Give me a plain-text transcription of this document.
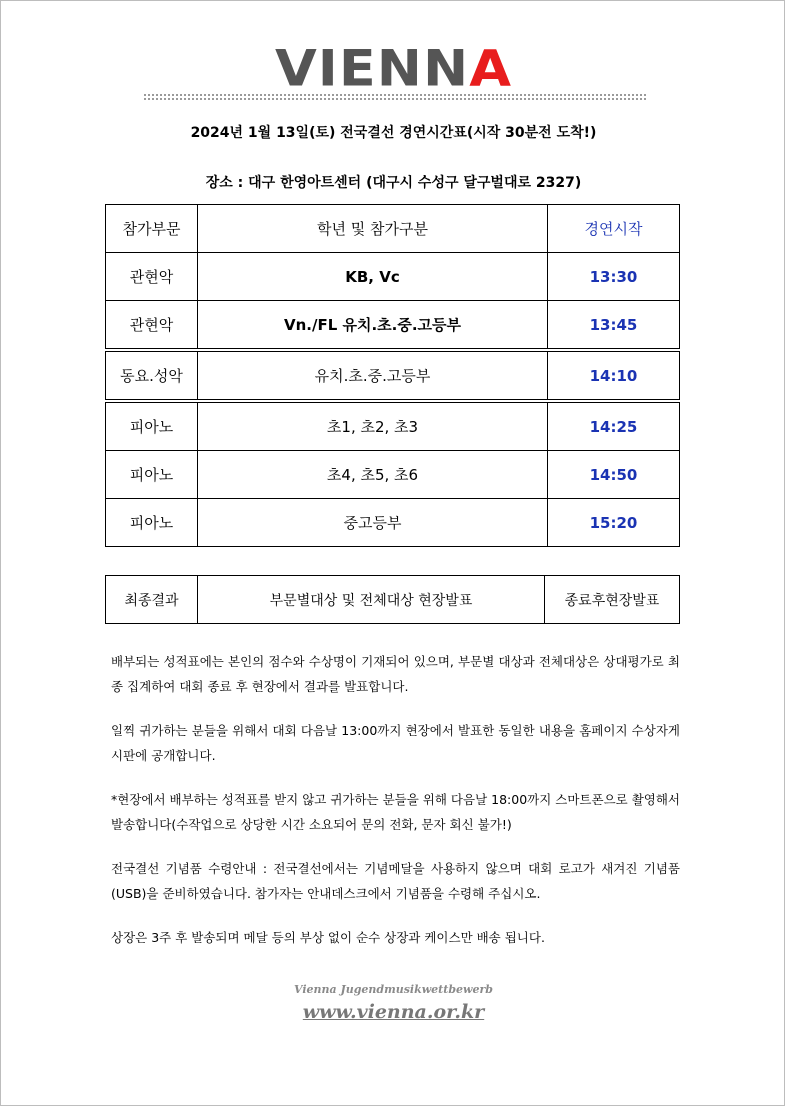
VIENNA
2024년 1월 13일(토) 전국결선 경연시간표(시작 30분전 도착!)
장소 : 대구 한영아트센터 (대구시 수성구 달구벌대로 2327)
참가부문	학년 및 참가구분	경연시작
관현악	KB, Vc	13:30
관현악	Vn./FL 유치.초.중.고등부	13:45
동요.성악	유치.초.중.고등부	14:10
피아노	초1, 초2, 초3	14:25
피아노	초4, 초5, 초6	14:50
피아노	중고등부	15:20
최종결과	부문별대상 및 전체대상 현장발표	종료후현장발표

배부되는 성적표에는 본인의 점수와 수상명이 기재되어 있으며, 부문별 대상과 전체대상은 상대평가로 최종 집계하여 대회 종료 후 현장에서 결과를 발표합니다.

일찍 귀가하는 분들을 위해서 대회 다음날 13:00까지 현장에서 발표한 동일한 내용을 홈페이지 수상자게시판에 공개합니다.

*현장에서 배부하는 성적표를 받지 않고 귀가하는 분들을 위해 다음날 18:00까지 스마트폰으로 촬영해서 발송합니다(수작업으로 상당한 시간 소요되어 문의 전화, 문자 회신 불가!)

전국결선 기념품 수령안내 : 전국결선에서는 기념메달을 사용하지 않으며 대회 로고가 새겨진 기념품(USB)을 준비하였습니다. 참가자는 안내데스크에서 기념품을 수령해 주십시오.

상장은 3주 후 발송되며 메달 등의 부상 없이 순수 상장과 케이스만 배송 됩니다.

Vienna Jugendmusikwettbewerb
www.vienna.or.kr
